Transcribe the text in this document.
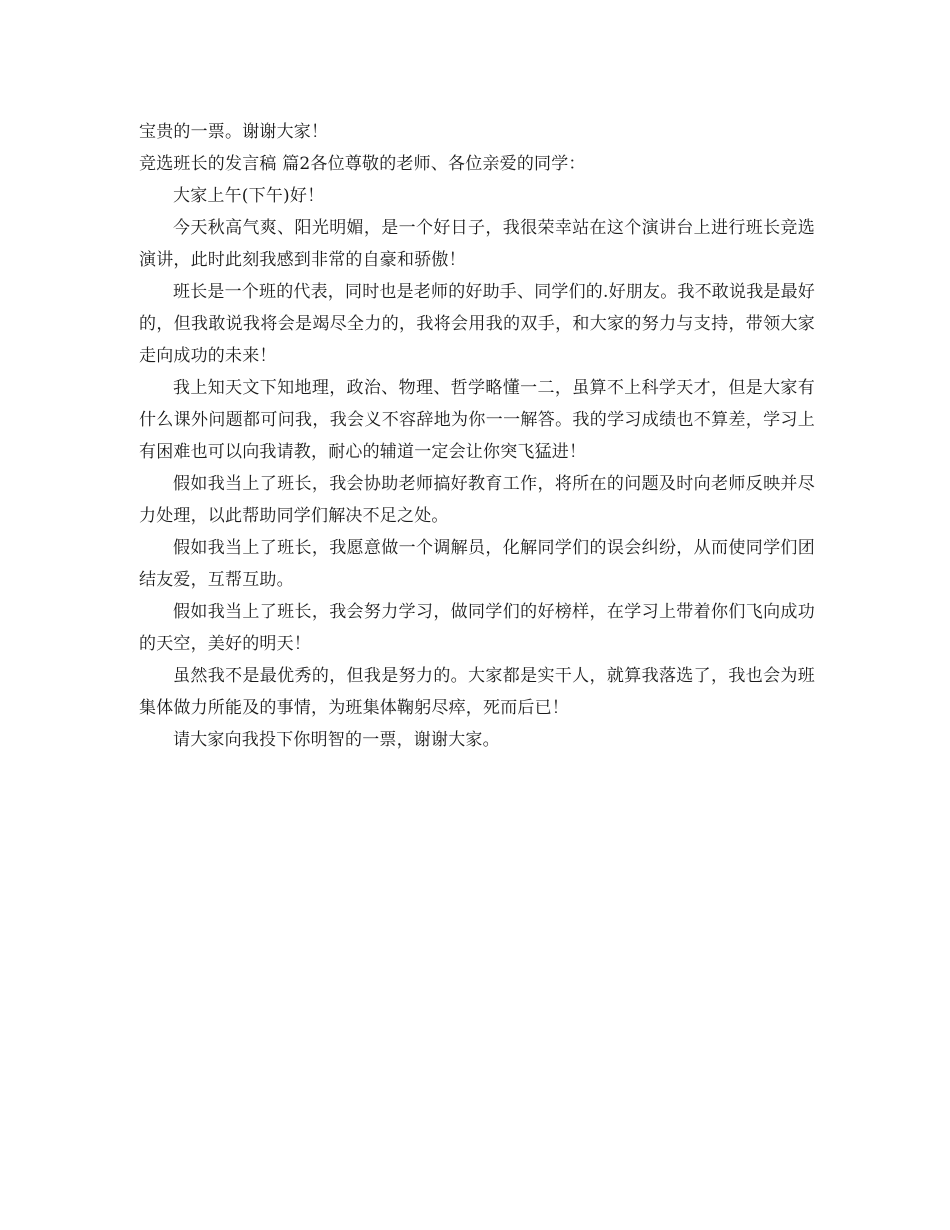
宝贵的一票。谢谢大家！

竞选班长的发言稿 篇2各位尊敬的老师、各位亲爱的同学：

大家上午(下午)好！

今天秋高气爽、阳光明媚，是一个好日子，我很荣幸站在这个演讲台上进行班长竞选演讲，此时此刻我感到非常的自豪和骄傲！

班长是一个班的代表，同时也是老师的好助手、同学们的.好朋友。我不敢说我是最好的，但我敢说我将会是竭尽全力的，我将会用我的双手，和大家的努力与支持，带领大家走向成功的未来！

我上知天文下知地理，政治、物理、哲学略懂一二，虽算不上科学天才，但是大家有什么课外问题都可问我，我会义不容辞地为你一一解答。我的学习成绩也不算差，学习上有困难也可以向我请教，耐心的辅道一定会让你突飞猛进！

假如我当上了班长，我会协助老师搞好教育工作，将所在的问题及时向老师反映并尽力处理，以此帮助同学们解决不足之处。

假如我当上了班长，我愿意做一个调解员，化解同学们的误会纠纷，从而使同学们团结友爱，互帮互助。

假如我当上了班长，我会努力学习，做同学们的好榜样，在学习上带着你们飞向成功的天空，美好的明天！

虽然我不是最优秀的，但我是努力的。大家都是实干人，就算我落选了，我也会为班集体做力所能及的事情，为班集体鞠躬尽瘁，死而后已！

请大家向我投下你明智的一票，谢谢大家。
